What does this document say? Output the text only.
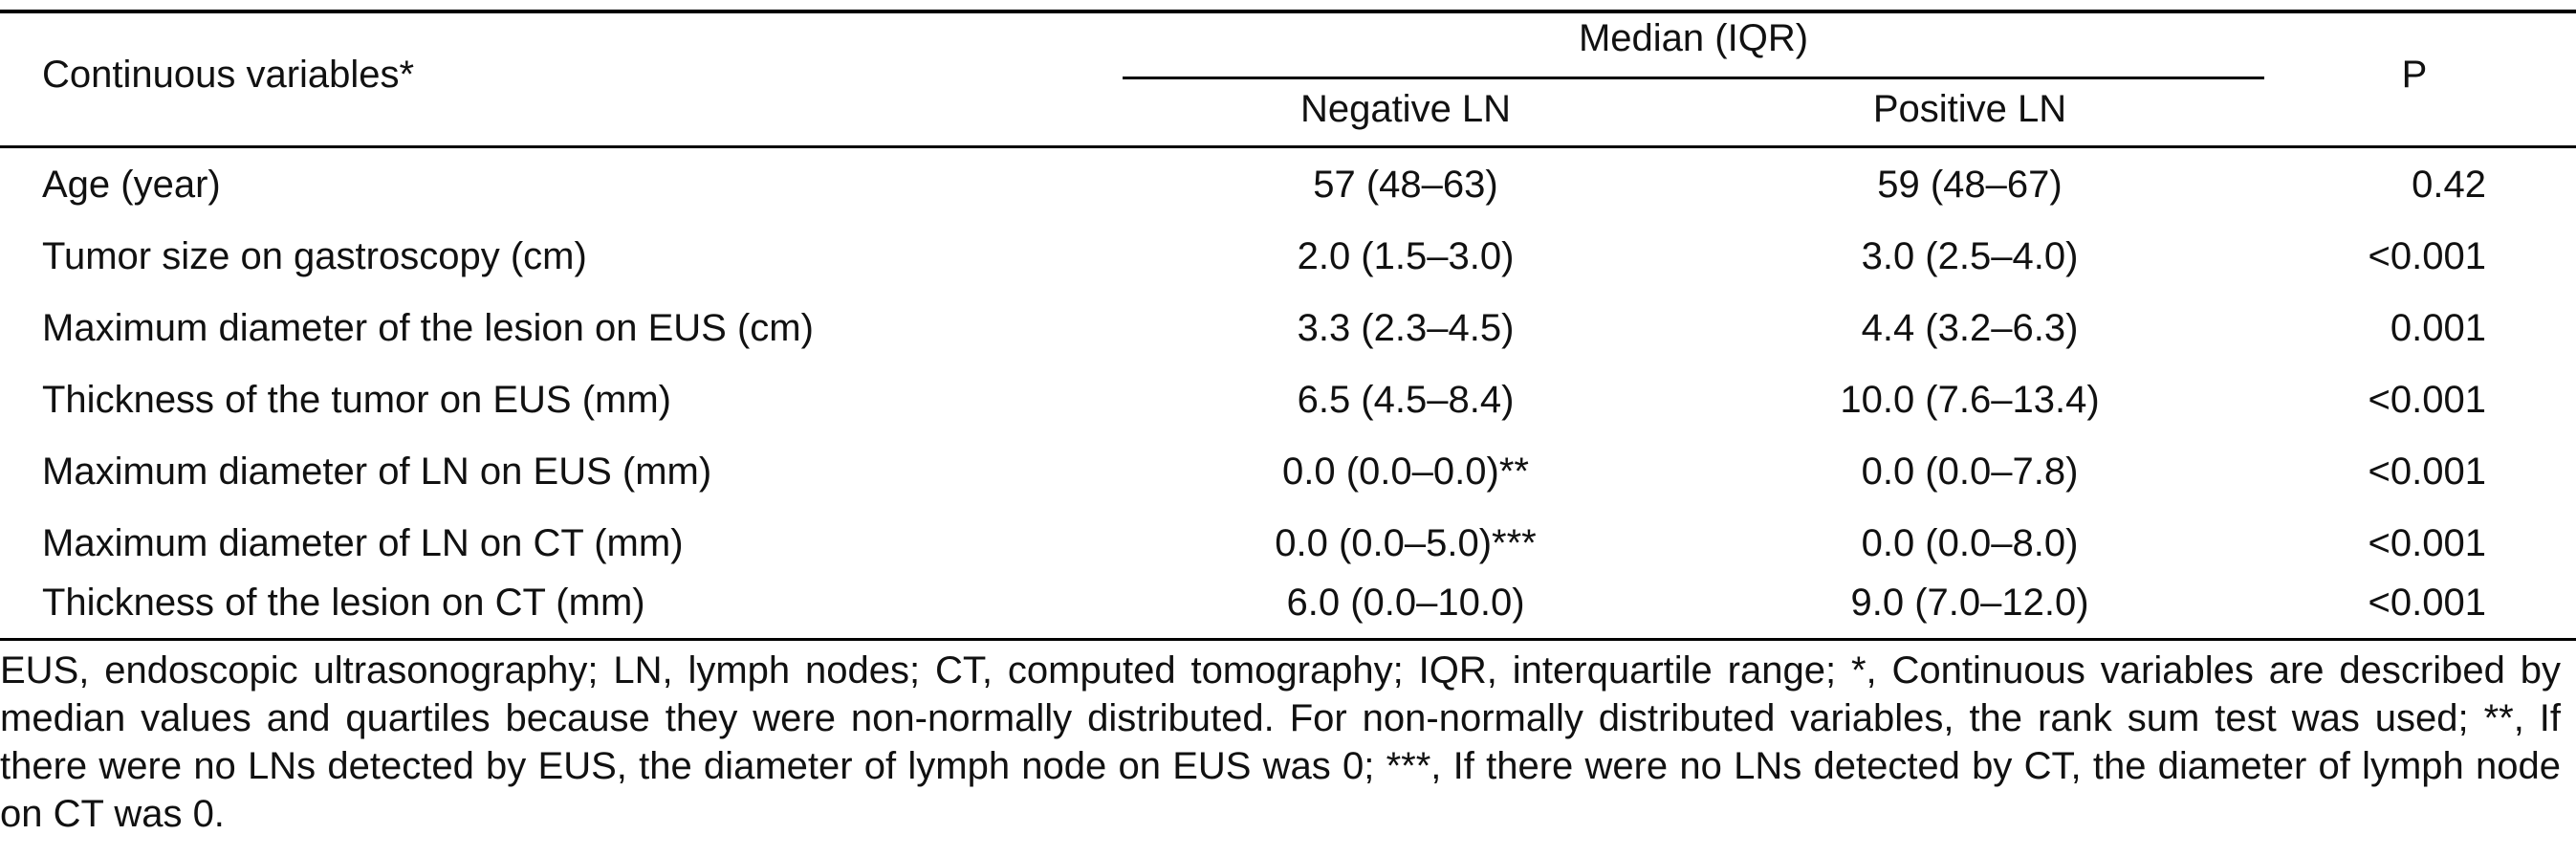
Continuous variables*
Median (IQR)
Negative LN	Positive LN
P
Age (year)	57 (48–63)	59 (48–67)	0.42
Tumor size on gastroscopy (cm)	2.0 (1.5–3.0)	3.0 (2.5–4.0)	<0.001
Maximum diameter of the lesion on EUS (cm)	3.3 (2.3–4.5)	4.4 (3.2–6.3)	0.001
Thickness of the tumor on EUS (mm)	6.5 (4.5–8.4)	10.0 (7.6–13.4)	<0.001
Maximum diameter of LN on EUS (mm)	0.0 (0.0–0.0)**	0.0 (0.0–7.8)	<0.001
Maximum diameter of LN on CT (mm)	0.0 (0.0–5.0)***	0.0 (0.0–8.0)	<0.001
Thickness of the lesion on CT (mm)	6.0 (0.0–10.0)	9.0 (7.0–12.0)	<0.001
EUS, endoscopic ultrasonography; LN, lymph nodes; CT, computed tomography; IQR, interquartile range; *, Continuous variables are described by median values and quartiles because they were non-normally distributed. For non-normally distributed variables, the rank sum test was used; **, If there were no LNs detected by EUS, the diameter of lymph node on EUS was 0; ***, If there were no LNs detected by CT, the diameter of lymph node on CT was 0.
